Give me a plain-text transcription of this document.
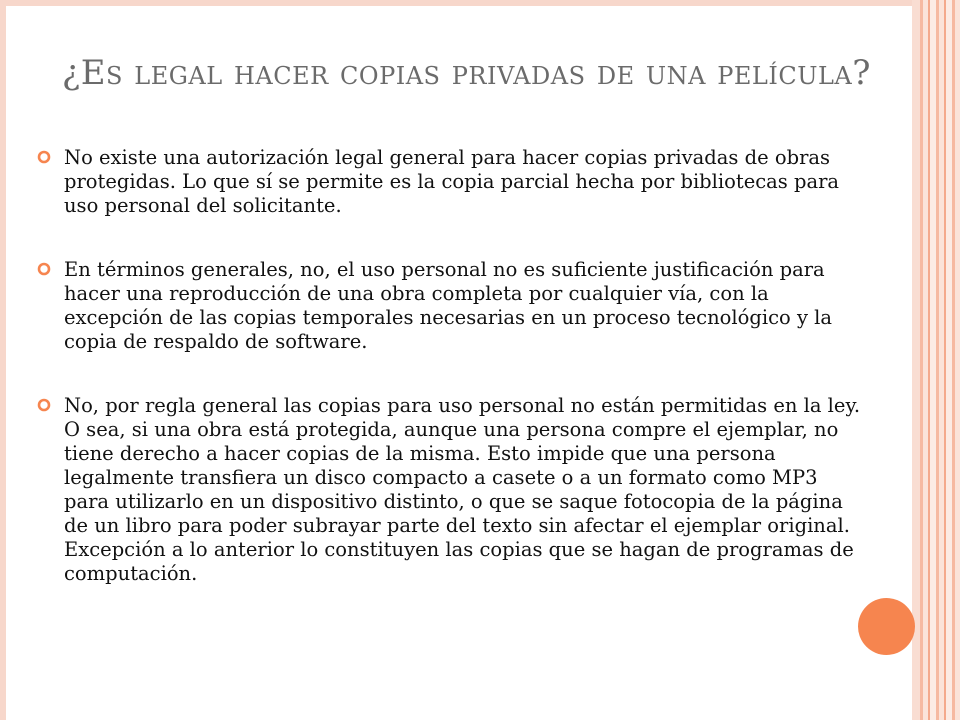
¿Es legal hacer copias privadas de una película?
No existe una autorización legal general para hacer copias privadas de obras protegidas. Lo que sí se permite es la copia parcial hecha por bibliotecas para uso personal del solicitante.
En términos generales, no, el uso personal no es suficiente justificación para hacer una reproducción de una obra completa por cualquier vía, con la excepción de las copias temporales necesarias en un proceso tecnológico y la copia de respaldo de software.
No, por regla general las copias para uso personal no están permitidas en la ley. O sea, si una obra está protegida, aunque una persona compre el ejemplar, no tiene derecho a hacer copias de la misma. Esto impide que una persona legalmente transfiera un disco compacto a casete o a un formato como MP3 para utilizarlo en un dispositivo distinto, o que se saque fotocopia de la página de un libro para poder subrayar parte del texto sin afectar el ejemplar original. Excepción a lo anterior lo constituyen las copias que se hagan de programas de computación.
